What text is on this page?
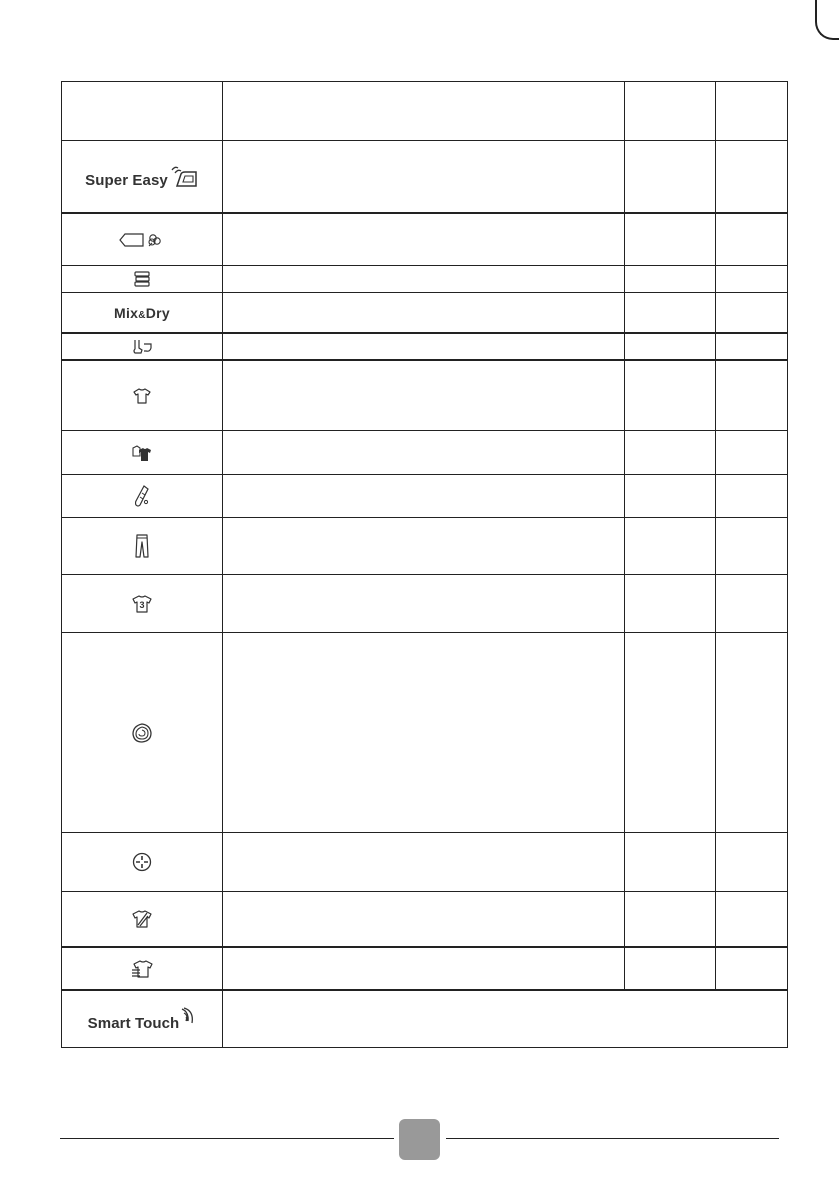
Super Easy
Mix&Dry
3
Smart Touch
